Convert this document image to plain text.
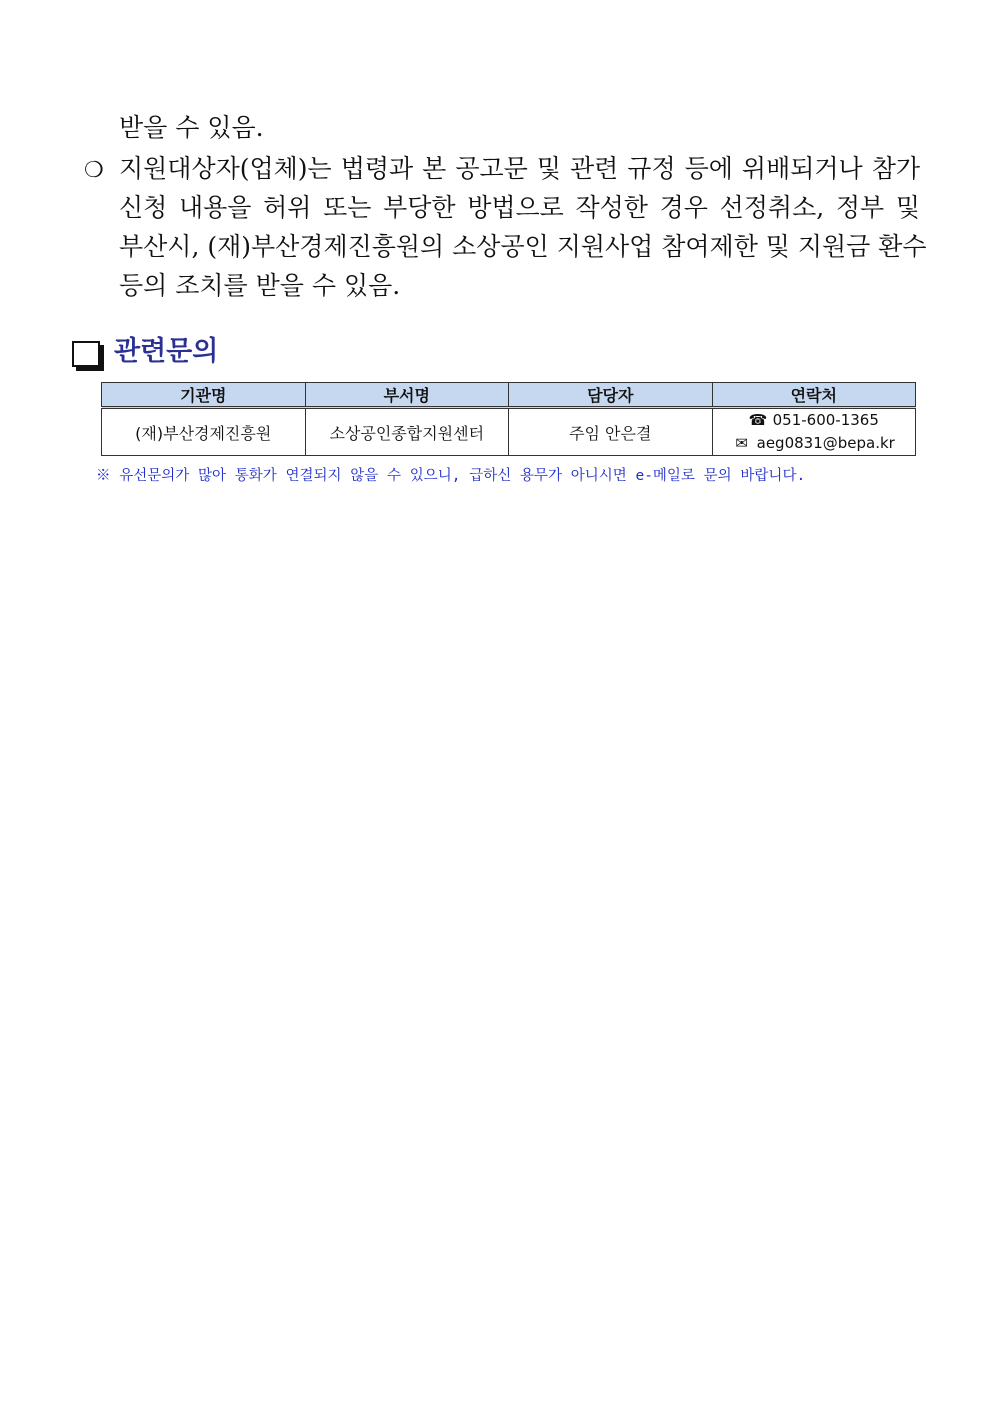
받을 수 있음.
❍ 지원대상자(업체)는 법령과 본 공고문 및 관련 규정 등에 위배되거나 참가
신청 내용을 허위 또는 부당한 방법으로 작성한 경우 선정취소, 정부 및
부산시, (재)부산경제진흥원의 소상공인 지원사업 참여제한 및 지원금 환수
등의 조치를 받을 수 있음.
관련문의
기관명	부서명	담당자	연락처
(재)부산경제진흥원	소상공인종합지원센터	주임 안은결	☎ 051-600-1365
✉ aeg0831@bepa.kr
※ 유선문의가 많아 통화가 연결되지 않을 수 있으니, 급하신 용무가 아니시면 e-메일로 문의 바랍니다.
